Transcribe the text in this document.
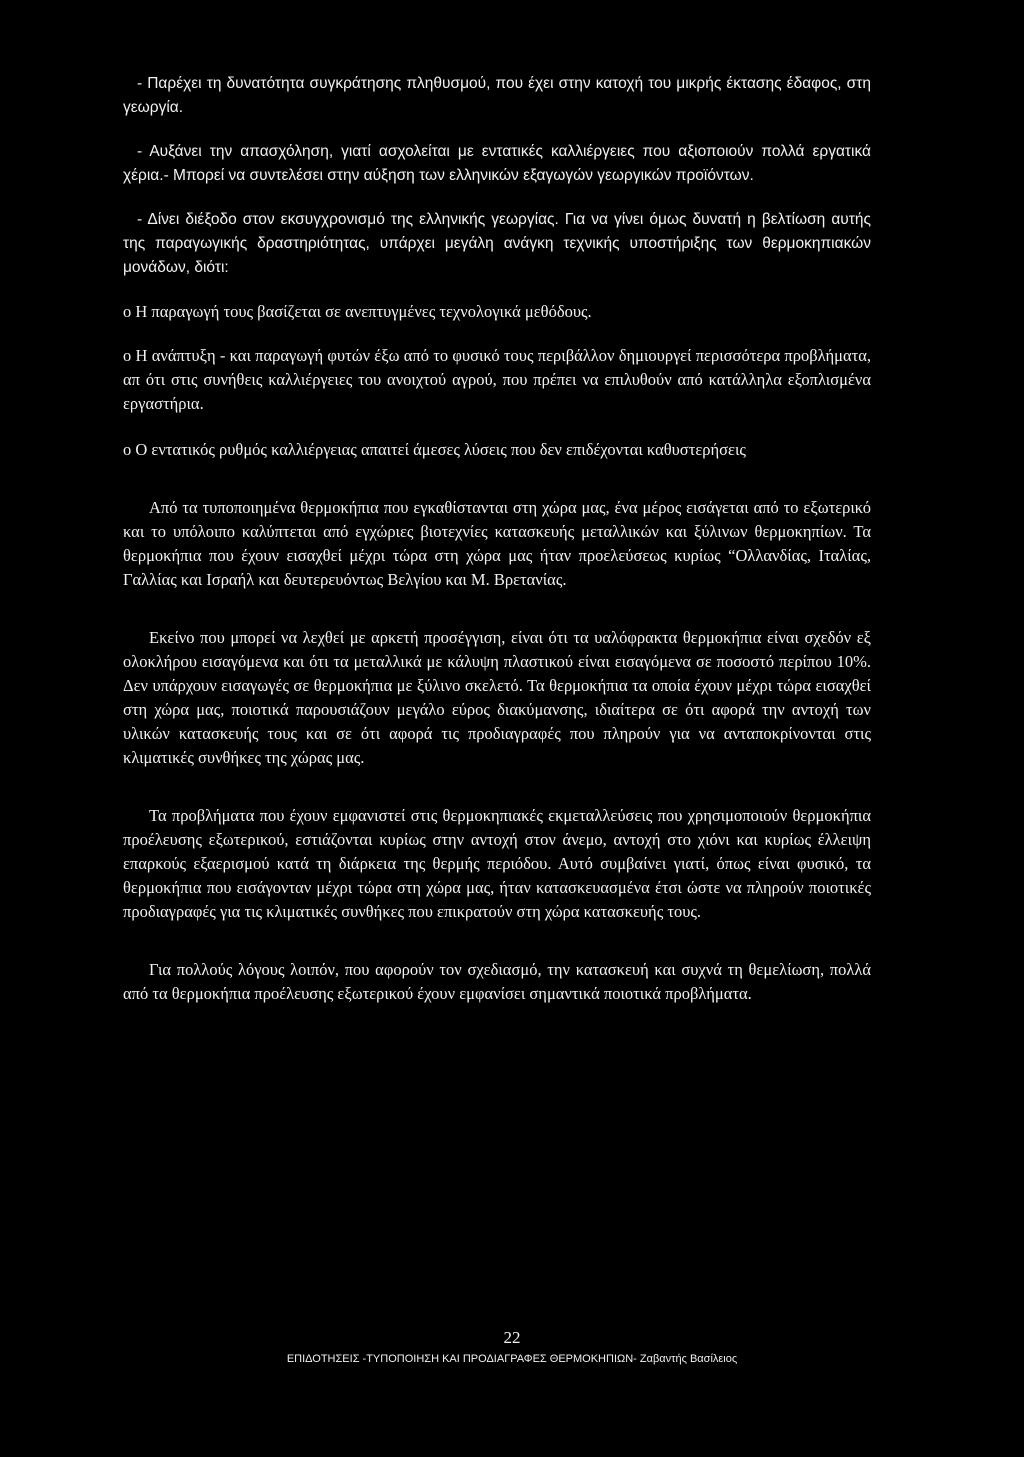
- Παρέχει τη δυνατότητα συγκράτησης πληθυσμού, που έχει στην κατοχή του μικρής έκτασης έδαφος, στη γεωργία.

- Αυξάνει την απασχόληση, γιατί ασχολείται με εντατικές καλλιέργειες που αξιοποιούν πολλά εργατικά χέρια.- Μπορεί να συντελέσει στην αύξηση των ελληνικών εξαγωγών γεωργικών προϊόντων.

- Δίνει διέξοδο στον εκσυγχρονισμό της ελληνικής γεωργίας. Για να γίνει όμως δυνατή η βελτίωση αυτής της παραγωγικής δραστηριότητας, υπάρχει μεγάλη ανάγκη τεχνικής υποστήριξης των θερμοκηπιακών μονάδων, διότι:

ο Η παραγωγή τους βασίζεται σε ανεπτυγμένες τεχνολογικά μεθόδους.

ο Η ανάπτυξη - και παραγωγή φυτών έξω από το φυσικό τους περιβάλλον δημιουργεί περισσότερα προβλήματα, απ ότι στις συνήθεις καλλιέργειες του ανοιχτού αγρού, που πρέπει να επιλυθούν από κατάλληλα εξοπλισμένα εργαστήρια.

ο Ο εντατικός ρυθμός καλλιέργειας απαιτεί άμεσες λύσεις που δεν επιδέχονται καθυστερήσεις

Από τα τυποποιημένα θερμοκήπια που εγκαθίστανται στη χώρα μας, ένα μέρος εισάγεται από το εξωτερικό και το υπόλοιπο καλύπτεται από εγχώριες βιοτεχνίες κατασκευής μεταλλικών και ξύλινων θερμοκηπίων. Τα θερμοκήπια που έχουν εισαχθεί μέχρι τώρα στη χώρα μας ήταν προελεύσεως κυρίως “Ολλανδίας, Ιταλίας, Γαλλίας και Ισραήλ και δευτερευόντως Βελγίου και Μ. Βρετανίας.

Εκείνο που μπορεί να λεχθεί με αρκετή προσέγγιση, είναι ότι τα υαλόφρακτα θερμοκήπια είναι σχεδόν εξ ολοκλήρου εισαγόμενα και ότι τα μεταλλικά με κάλυψη πλαστικού είναι εισαγόμενα σε ποσοστό περίπου 10%. Δεν υπάρχουν εισαγωγές σε θερμοκήπια με ξύλινο σκελετό. Τα θερμοκήπια τα οποία έχουν μέχρι τώρα εισαχθεί στη χώρα μας, ποιοτικά παρουσιάζουν μεγάλο εύρος διακύμανσης, ιδιαίτερα σε ότι αφορά την αντοχή των υλικών κατασκευής τους και σε ότι αφορά τις προδιαγραφές που πληρούν για να ανταποκρίνονται στις κλιματικές συνθήκες της χώρας μας.

Τα προβλήματα που έχουν εμφανιστεί στις θερμοκηπιακές εκμεταλλεύσεις που χρησιμοποιούν θερμοκήπια προέλευσης εξωτερικού, εστιάζονται κυρίως στην αντοχή στον άνεμο, αντοχή στο χιόνι και κυρίως έλλειψη επαρκούς εξαερισμού κατά τη διάρκεια της θερμής περιόδου. Αυτό συμβαίνει γιατί, όπως είναι φυσικό, τα θερμοκήπια που εισάγονταν μέχρι τώρα στη χώρα μας, ήταν κατασκευασμένα έτσι ώστε να πληρούν ποιοτικές προδιαγραφές για τις κλιματικές συνθήκες που επικρατούν στη χώρα κατασκευής τους.

Για πολλούς λόγους λοιπόν, που αφορούν τον σχεδιασμό, την κατασκευή και συχνά τη θεμελίωση, πολλά από τα θερμοκήπια προέλευσης εξωτερικού έχουν εμφανίσει σημαντικά ποιοτικά προβλήματα.

22
ΕΠΙΔΟΤΗΣΕΙΣ -ΤΥΠΟΠΟΙΗΣΗ ΚΑΙ ΠΡΟΔΙΑΓΡΑΦΕΣ ΘΕΡΜΟΚΗΠΙΩΝ- Ζαβαντής Βασίλειος
